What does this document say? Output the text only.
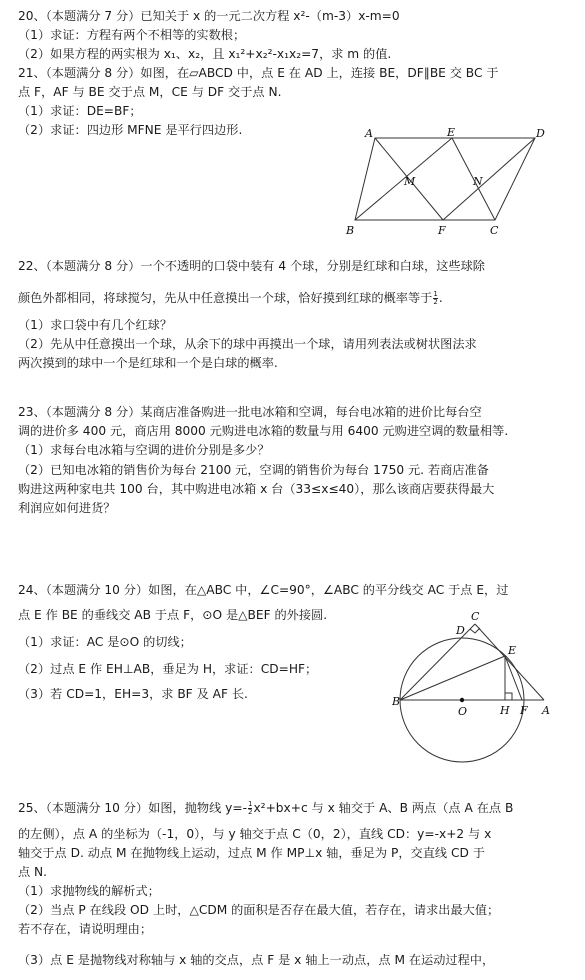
20、（本题满分 7 分）已知关于 x 的一元二次方程 x²-（m-3）x-m=0
（1）求证：方程有两个不相等的实数根；
（2）如果方程的两实根为 x₁、x₂，且 x₁²+x₂²-x₁x₂=7，求 m 的值.
21、（本题满分 8 分）如图，在▱ABCD 中，点 E 在 AD 上，连接 BE，DF∥BE 交 BC 于
点 F，AF 与 BE 交于点 M，CE 与 DF 交于点 N.
（1）求证：DE=BF；
（2）求证：四边形 MFNE 是平行四边形.	A	E	D
M	N
B	F	C
22、（本题满分 8 分）一个不透明的口袋中装有 4 个球，分别是红球和白球，这些球除
颜色外都相同，将球搅匀，先从中任意摸出一个球，恰好摸到红球的概率等于 $\frac{1}{2}$ .
（1）求口袋中有几个红球？
（2）先从中任意摸出一个球，从余下的球中再摸出一个球，请用列表法或树状图法求
两次摸到的球中一个是红球和一个是白球的概率.
23、（本题满分 8 分）某商店准备购进一批电冰箱和空调，每台电冰箱的进价比每台空
调的进价多 400 元，商店用 8000 元购进电冰箱的数量与用 6400 元购进空调的数量相等.
（1）求每台电冰箱与空调的进价分别是多少？
（2）已知电冰箱的销售价为每台 2100 元，空调的销售价为每台 1750 元. 若商店准备
购进这两种家电共 100 台，其中购进电冰箱 x 台（33≤x≤40），那么该商店要获得最大
利润应如何进货？
24、（本题满分 10 分）如图，在△ABC 中，∠C=90°，∠ABC 的平分线交 AC 于点 E，过
点 E 作 BE 的垂线交 AB 于点 F，⊙O 是△BEF 的外接圆.
（1）求证：AC 是⊙O 的切线；
（2）过点 E 作 EH⊥AB，垂足为 H，求证：CD=HF；
（3）若 CD=1，EH=3，求 BF 及 AF 长.
C
D
E
B
O	H F A
25、（本题满分 10 分）如图，抛物线 $y=- \frac{1}{2} x^2+bx+c$ 与 x 轴交于 A、B 两点（点 A 在点 B
的左侧），点 A 的坐标为（-1，0），与 y 轴交于点 C（0，2），直线 CD：y=-x+2 与 x
轴交于点 D. 动点 M 在抛物线上运动，过点 M 作 MP⊥x 轴，垂足为 P，交直线 CD 于
点 N.
（1）求抛物线的解析式；
（2）当点 P 在线段 OD 上时，△CDM 的面积是否存在最大值，若存在，请求出最大值；
若不存在，请说明理由；
（3）点 E 是抛物线对称轴与 x 轴的交点，点 F 是 x 轴上一动点，点 M 在运动过程中，
